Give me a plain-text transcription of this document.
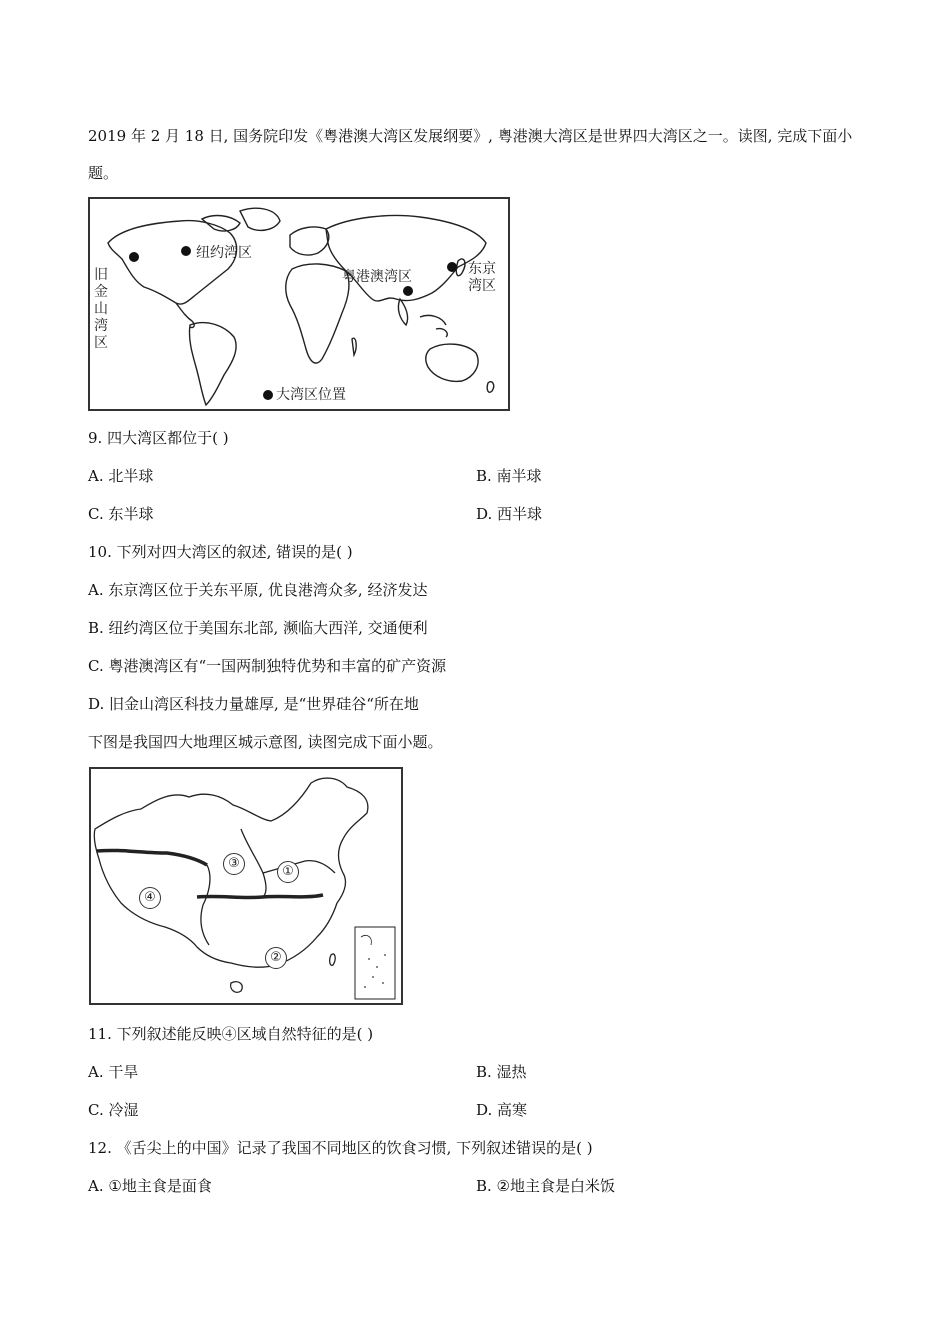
2019 年 2 月 18 日, 国务院印发《粤港澳大湾区发展纲要》, 粤港澳大湾区是世界四大湾区之一。读图, 完成下面小题。
旧金山湾区
纽约湾区
粤港澳湾区	东京湾区
大湾区位置
9. 四大湾区都位于( )
A. 北半球	B. 南半球
C. 东半球	D. 西半球
10. 下列对四大湾区的叙述, 错误的是( )
A. 东京湾区位于关东平原, 优良港湾众多, 经济发达
B. 纽约湾区位于美国东北部, 濒临大西洋, 交通便利
C. 粤港澳湾区有“一国两制独特优势和丰富的矿产资源
D. 旧金山湾区科技力量雄厚, 是“世界硅谷“所在地
下图是我国四大地理区城示意图, 读图完成下面小题。
①
②
③
④
11. 下列叙述能反映④区域自然特征的是( )
A. 干旱	B. 湿热
C. 冷湿	D. 高寒
12. 《舌尖上的中国》记录了我国不同地区的饮食习惯, 下列叙述错误的是( )
A. ①地主食是面食	B. ②地主食是白米饭
